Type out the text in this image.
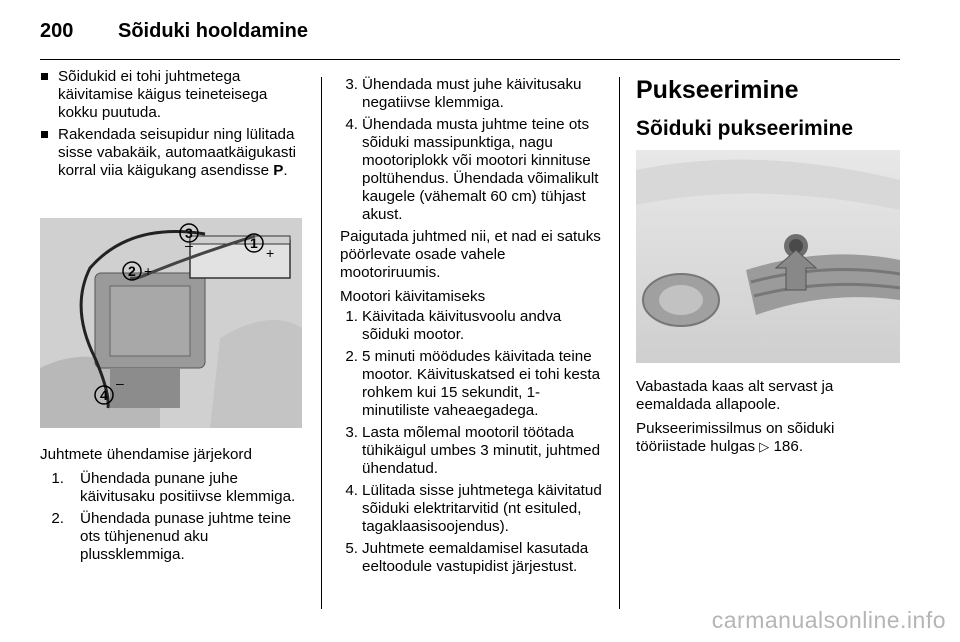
200 Sõiduki hooldamine
Sõidukid ei tohi juhtmetega käivitamise käigus teineteisega kokku puutuda.
Rakendada seisupidur ning lülitada sisse vabakäik, automaatkäigukasti korral viia käigukang asendisse P.
1
+
2 +
3
–
4
–
Juhtmete ühendamise järjekord
1. Ühendada punane juhe käivitusaku positiivse klemmiga.
2. Ühendada punase juhtme teine ots tühjenenud aku plussklemmiga.
3. Ühendada must juhe käivitusaku negatiivse klemmiga.
4. Ühendada musta juhtme teine ots sõiduki massipunktiga, nagu mootoriplokk või mootori kinnituse poltühendus. Ühendada võimalikult kaugele (vähemalt 60 cm) tühjast akust.
Paigutada juhtmed nii, et nad ei satuks pöörlevate osade vahele mootoriruumis.
Mootori käivitamiseks
1. Käivitada käivitusvoolu andva sõiduki mootor.
2. 5 minuti möödudes käivitada teine mootor. Käivituskatsed ei tohi kesta rohkem kui 15 sekundit, 1-minutiliste vaheaegadega.
3. Lasta mõlemal mootoril töötada tühikäigul umbes 3 minutit, juhtmed ühendatud.
4. Lülitada sisse juhtmetega käivitatud sõiduki elektritarvitid (nt esituled, tagaklaasisoojendus).
5. Juhtmete eemaldamisel kasutada eeltoodule vastupidist järjestust.
Pukseerimine
Sõiduki pukseerimine
Vabastada kaas alt servast ja eemaldada allapoole.
Pukseerimissilmus on sõiduki tööriistade hulgas ▷ 186.
carmanualsonline.info
